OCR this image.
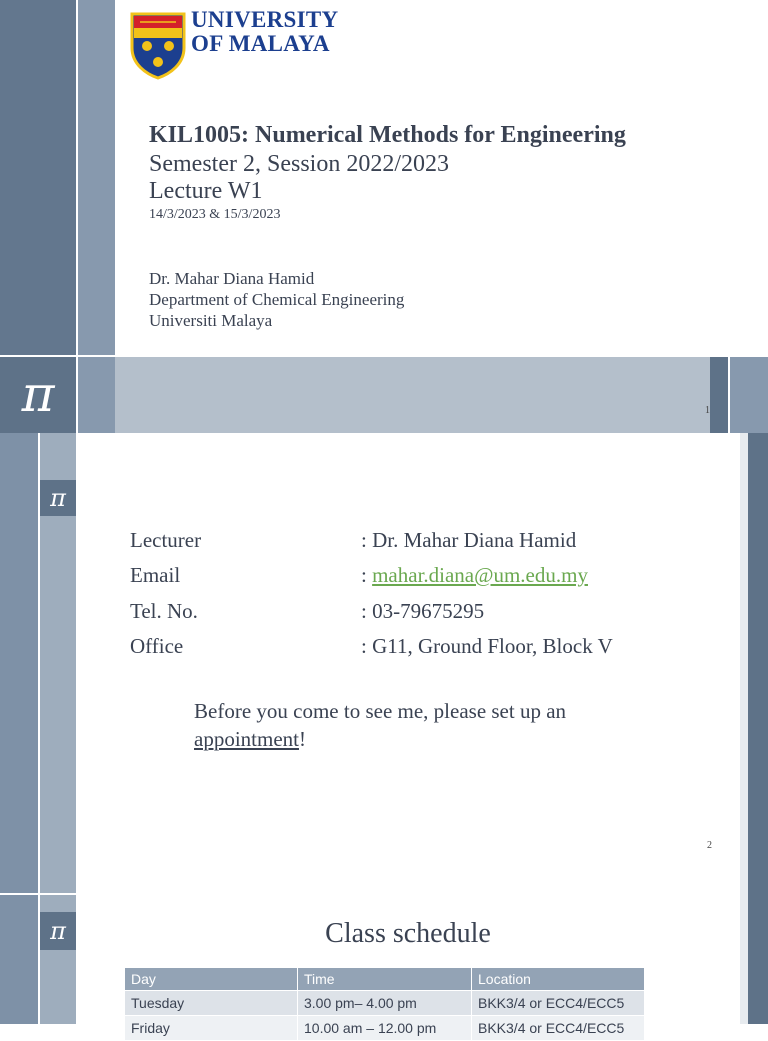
UNIVERSITY
OF MALAYA
KIL1005: Numerical Methods for Engineering
Semester 2, Session 2022/2023
Lecture W1
14/3/2023 & 15/3/2023
Dr. Mahar Diana Hamid
Department of Chemical Engineering
Universiti Malaya
π	1
π
Lecturer	: Dr. Mahar Diana Hamid
Email	: mahar.diana@um.edu.my
Tel. No.	: 03-79675295
Office	: G11, Ground Floor, Block V
Before you come to see me, please set up an
appointment!
2
π	Class schedule
Day	Time	Location
Tuesday	3.00 pm– 4.00 pm	BKK3/4 or ECC4/ECC5
Friday	10.00 am – 12.00 pm	BKK3/4 or ECC4/ECC5
